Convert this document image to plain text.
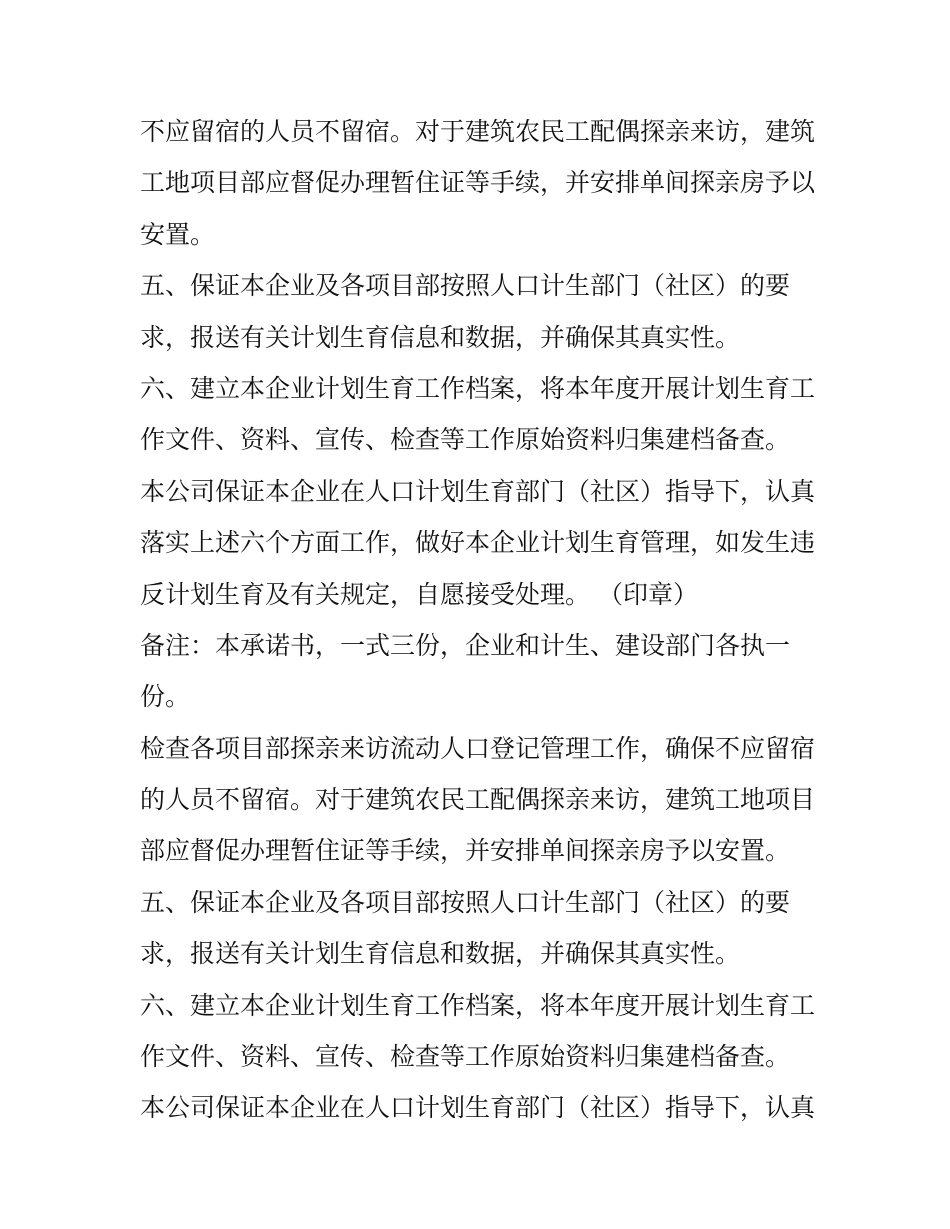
不应留宿的人员不留宿。对于建筑农民工配偶探亲来访，建筑
工地项目部应督促办理暂住证等手续，并安排单间探亲房予以
安置。
五、保证本企业及各项目部按照人口计生部门（社区）的要
求，报送有关计划生育信息和数据，并确保其真实性。
六、建立本企业计划生育工作档案，将本年度开展计划生育工
作文件、资料、宣传、检查等工作原始资料归集建档备查。
本公司保证本企业在人口计划生育部门（社区）指导下，认真
落实上述六个方面工作，做好本企业计划生育管理，如发生违
反计划生育及有关规定，自愿接受处理。 （印章）
备注：本承诺书，一式三份，企业和计生、建设部门各执一
份。
检查各项目部探亲来访流动人口登记管理工作，确保不应留宿
的人员不留宿。对于建筑农民工配偶探亲来访，建筑工地项目
部应督促办理暂住证等手续，并安排单间探亲房予以安置。
五、保证本企业及各项目部按照人口计生部门（社区）的要
求，报送有关计划生育信息和数据，并确保其真实性。
六、建立本企业计划生育工作档案，将本年度开展计划生育工
作文件、资料、宣传、检查等工作原始资料归集建档备查。
本公司保证本企业在人口计划生育部门（社区）指导下，认真
